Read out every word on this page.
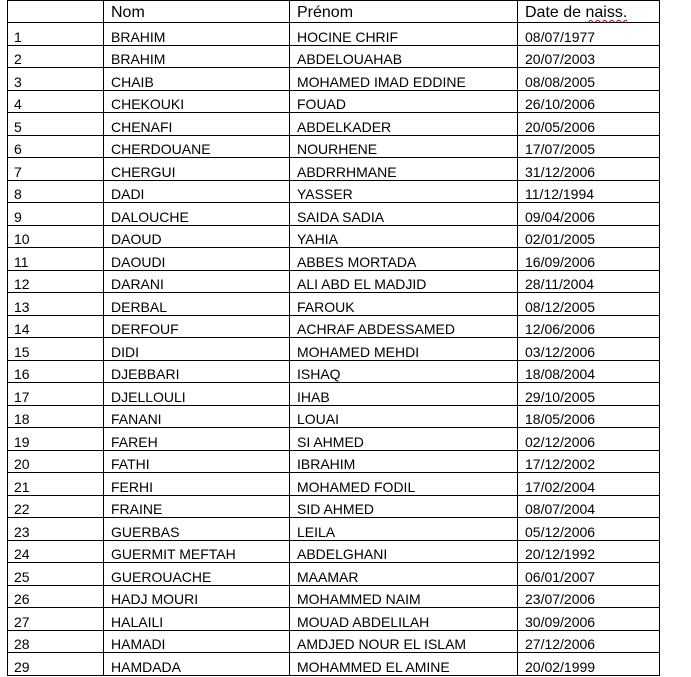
	Nom	Prénom	Date de naiss.
1	BRAHIM	HOCINE CHRIF	08/07/1977
2	BRAHIM	ABDELOUAHAB	20/07/2003
3	CHAIB	MOHAMED IMAD EDDINE	08/08/2005
4	CHEKOUKI	FOUAD	26/10/2006
5	CHENAFI	ABDELKADER	20/05/2006
6	CHERDOUANE	NOURHENE	17/07/2005
7	CHERGUI	ABDRRHMANE	31/12/2006
8	DADI	YASSER	11/12/1994
9	DALOUCHE	SAIDA SADIA	09/04/2006
10	DAOUD	YAHIA	02/01/2005
11	DAOUDI	ABBES MORTADA	16/09/2006
12	DARANI	ALI ABD EL MADJID	28/11/2004
13	DERBAL	FAROUK	08/12/2005
14	DERFOUF	ACHRAF ABDESSAMED	12/06/2006
15	DIDI	MOHAMED MEHDI	03/12/2006
16	DJEBBARI	ISHAQ	18/08/2004
17	DJELLOULI	IHAB	29/10/2005
18	FANANI	LOUAI	18/05/2006
19	FAREH	SI AHMED	02/12/2006
20	FATHI	IBRAHIM	17/12/2002
21	FERHI	MOHAMED FODIL	17/02/2004
22	FRAINE	SID AHMED	08/07/2004
23	GUERBAS	LEILA	05/12/2006
24	GUERMIT MEFTAH	ABDELGHANI	20/12/1992
25	GUEROUACHE	MAAMAR	06/01/2007
26	HADJ MOURI	MOHAMMED NAIM	23/07/2006
27	HALAILI	MOUAD ABDELILAH	30/09/2006
28	HAMADI	AMDJED NOUR EL ISLAM	27/12/2006
29	HAMDADA	MOHAMMED EL AMINE	20/02/1999
